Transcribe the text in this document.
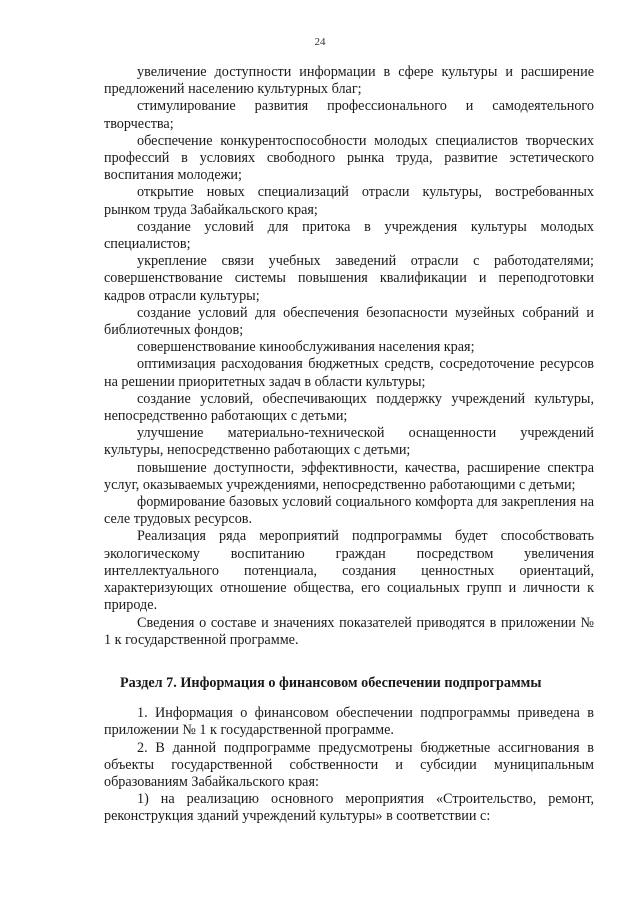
24

увеличение доступности информации в сфере культуры и расширение предложений населению культурных благ;

стимулирование развития профессионального и самодеятельного творчества;

обеспечение конкурентоспособности молодых специалистов творческих профессий в условиях свободного рынка труда, развитие эстетического воспитания молодежи;

открытие новых специализаций отрасли культуры, востребованных рынком труда Забайкальского края;

создание условий для притока в учреждения культуры молодых специалистов;

укрепление связи учебных заведений отрасли с работодателями; совершенствование системы повышения квалификации и переподготовки кадров отрасли культуры;

создание условий для обеспечения безопасности музейных собраний и библиотечных фондов;

совершенствование кинообслуживания населения края;

оптимизация расходования бюджетных средств, сосредоточение ресурсов на решении приоритетных задач в области культуры;

создание условий, обеспечивающих поддержку учреждений культуры, непосредственно работающих с детьми;

улучшение материально-технической оснащенности учреждений культуры, непосредственно работающих с детьми;

повышение доступности, эффективности, качества, расширение спектра услуг, оказываемых учреждениями, непосредственно работающими с детьми;

формирование базовых условий социального комфорта для закрепления на селе трудовых ресурсов.

Реализация ряда мероприятий подпрограммы будет способствовать экологическому воспитанию граждан посредством увеличения интеллектуального потенциала, создания ценностных ориентаций, характеризующих отношение общества, его социальных групп и личности к природе.

Сведения о составе и значениях показателей приводятся в приложении № 1 к государственной программе.

Раздел 7. Информация о финансовом обеспечении подпрограммы

1. Информация о финансовом обеспечении подпрограммы приведена в приложении № 1 к государственной программе.

2. В данной подпрограмме предусмотрены бюджетные ассигнования в объекты государственной собственности и субсидии муниципальным образованиям Забайкальского края:

1) на реализацию основного мероприятия «Строительство, ремонт, реконструкция зданий учреждений культуры» в соответствии с:
